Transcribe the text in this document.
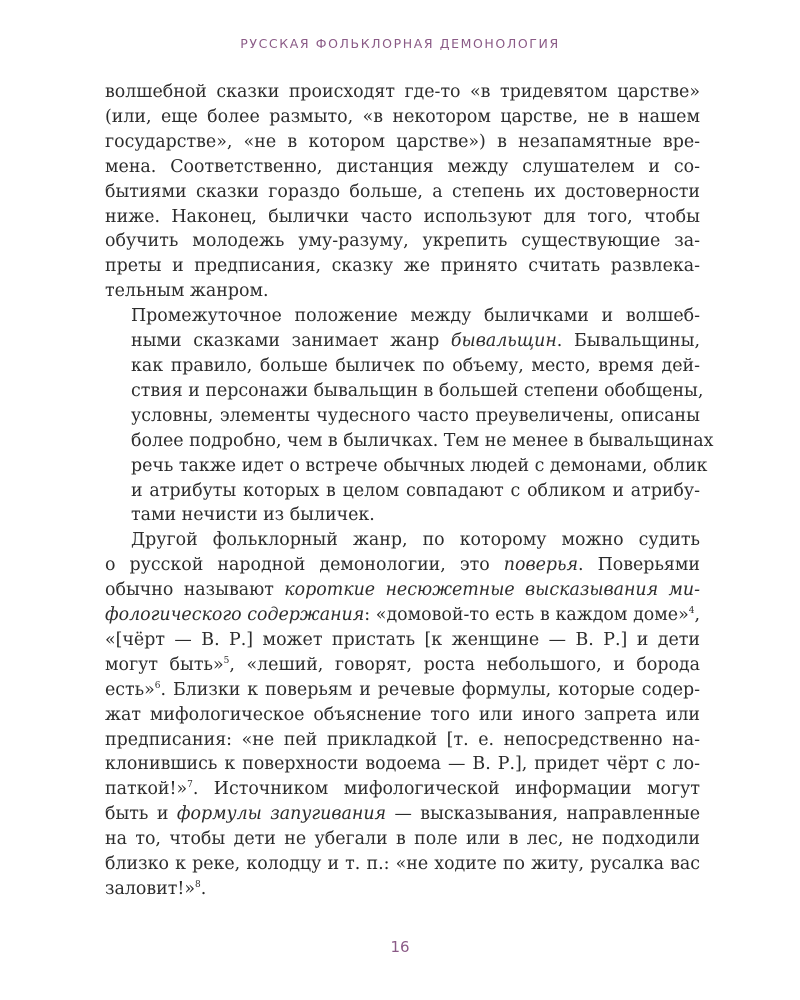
РУССКАЯ ФОЛЬКЛОРНАЯ ДЕМОНОЛОГИЯ

волшебной сказки происходят где-то «в тридевятом царстве»
(или, еще более размыто, «в некотором царстве, не в нашем
государстве», «не в котором царстве») в незапамятные вре-
мена. Соответственно, дистанция между слушателем и со-
бытиями сказки гораздо больше, а степень их достоверности
ниже. Наконец, былички часто используют для того, чтобы
обучить молодежь уму-разуму, укрепить существующие за-
преты и предписания, сказку же принято считать развлека-
тельным жанром.

Промежуточное положение между быличками и волшеб-
ными сказками занимает жанр бывальщин. Бывальщины,
как правило, больше быличек по объему, место, время дей-
ствия и персонажи бывальщин в большей степени обобщены,
условны, элементы чудесного часто преувеличены, описаны
более подробно, чем в быличках. Тем не менее в бывальщинах
речь также идет о встрече обычных людей с демонами, облик
и атрибуты которых в целом совпадают с обликом и атрибу-
тами нечисти из быличек.

Другой фольклорный жанр, по которому можно судить
о русской народной демонологии, это поверья. Поверьями
обычно называют короткие несюжетные высказывания ми-
фологического содержания: «домовой-то есть в каждом доме»$^4$,
«[чёрт — В. Р.] может пристать [к женщине — В. Р.] и дети
могут быть»$^5$, «леший, говорят, роста небольшого, и борода
есть»$^6$. Близки к поверьям и речевые формулы, которые содер-
жат мифологическое объяснение того или иного запрета или
предписания: «не пей прикладкой [т. е. непосредственно на-
клонившись к поверхности водоема — В. Р.], придет чёрт с ло-
паткой!»$^7$. Источником мифологической информации могут
быть и формулы запугивания — высказывания, направленные
на то, чтобы дети не убегали в поле или в лес, не подходили
близко к реке, колодцу и т. п.: «не ходите по житу, русалка вас
заловит!»$^8$.

16
